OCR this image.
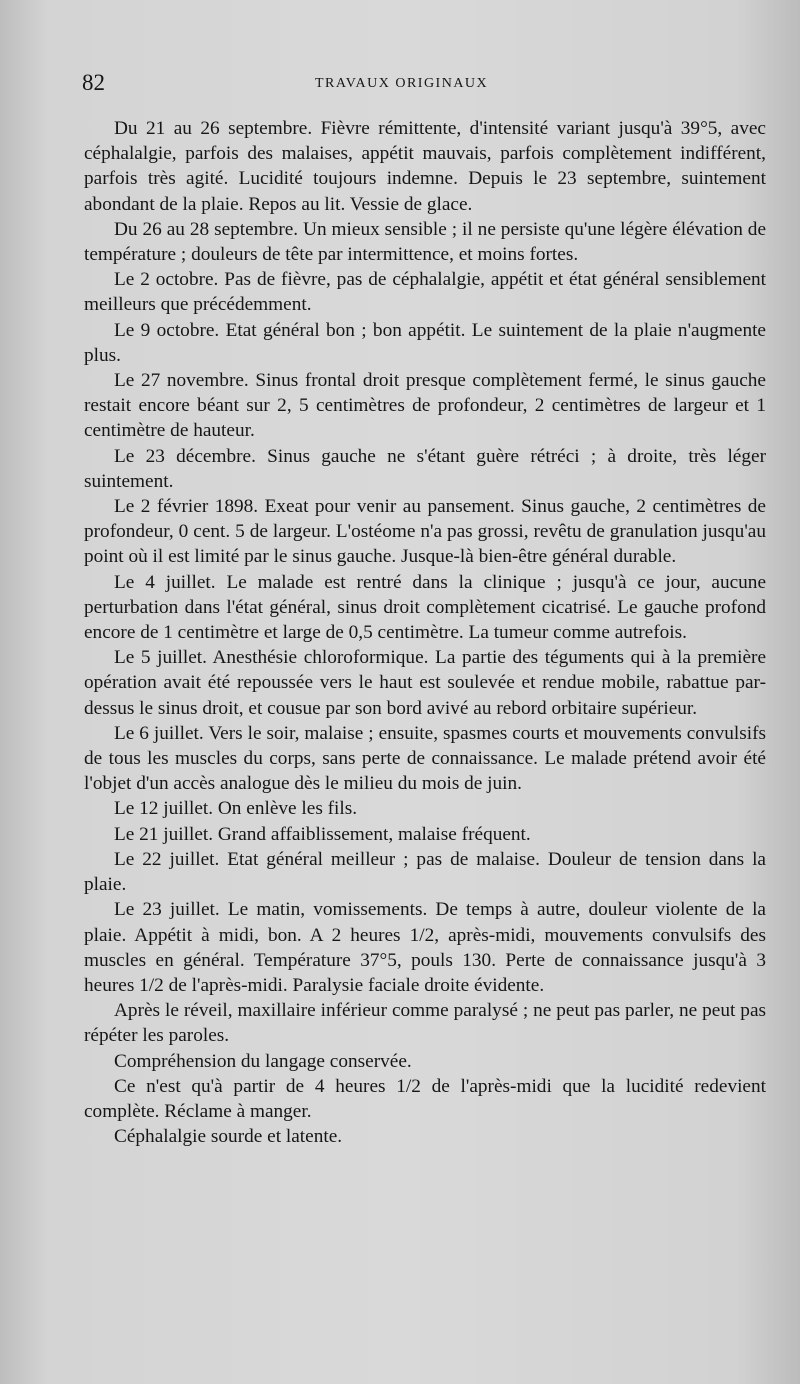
82	TRAVAUX ORIGINAUX

Du 21 au 26 septembre. Fièvre rémittente, d'intensité variant jusqu'à 39°5, avec céphalalgie, parfois des malaises, appétit mauvais, parfois complètement indifférent, parfois très agité. Lucidité toujours indemne. Depuis le 23 septembre, suintement abondant de la plaie. Repos au lit. Vessie de glace.

Du 26 au 28 septembre. Un mieux sensible ; il ne persiste qu'une légère élévation de température ; douleurs de tête par intermittence, et moins fortes.

Le 2 octobre. Pas de fièvre, pas de céphalalgie, appétit et état général sensiblement meilleurs que précédemment.

Le 9 octobre. Etat général bon ; bon appétit. Le suintement de la plaie n'augmente plus.

Le 27 novembre. Sinus frontal droit presque complètement fermé, le sinus gauche restait encore béant sur 2, 5 centimètres de profondeur, 2 centimètres de largeur et 1 centimètre de hauteur.

Le 23 décembre. Sinus gauche ne s'étant guère rétréci ; à droite, très léger suintement.

Le 2 février 1898. Exeat pour venir au pansement. Sinus gauche, 2 centimètres de profondeur, 0 cent. 5 de largeur. L'ostéome n'a pas grossi, revêtu de granulation jusqu'au point où il est limité par le sinus gauche. Jusque-là bien-être général durable.

Le 4 juillet. Le malade est rentré dans la clinique ; jusqu'à ce jour, aucune perturbation dans l'état général, sinus droit complètement cicatrisé. Le gauche profond encore de 1 centimètre et large de 0,5 centimètre. La tumeur comme autrefois.

Le 5 juillet. Anesthésie chloroformique. La partie des téguments qui à la première opération avait été repoussée vers le haut est soulevée et rendue mobile, rabattue par-dessus le sinus droit, et cousue par son bord avivé au rebord orbitaire supérieur.

Le 6 juillet. Vers le soir, malaise ; ensuite, spasmes courts et mouvements convulsifs de tous les muscles du corps, sans perte de connaissance. Le malade prétend avoir été l'objet d'un accès analogue dès le milieu du mois de juin.

Le 12 juillet. On enlève les fils.

Le 21 juillet. Grand affaiblissement, malaise fréquent.

Le 22 juillet. Etat général meilleur ; pas de malaise. Douleur de tension dans la plaie.

Le 23 juillet. Le matin, vomissements. De temps à autre, douleur violente de la plaie. Appétit à midi, bon. A 2 heures 1/2, après-midi, mouvements convulsifs des muscles en général. Température 37°5, pouls 130. Perte de connaissance jusqu'à 3 heures 1/2 de l'après-midi. Paralysie faciale droite évidente.

Après le réveil, maxillaire inférieur comme paralysé ; ne peut pas parler, ne peut pas répéter les paroles.

Compréhension du langage conservée.

Ce n'est qu'à partir de 4 heures 1/2 de l'après-midi que la lucidité redevient complète. Réclame à manger.

Céphalalgie sourde et latente.
